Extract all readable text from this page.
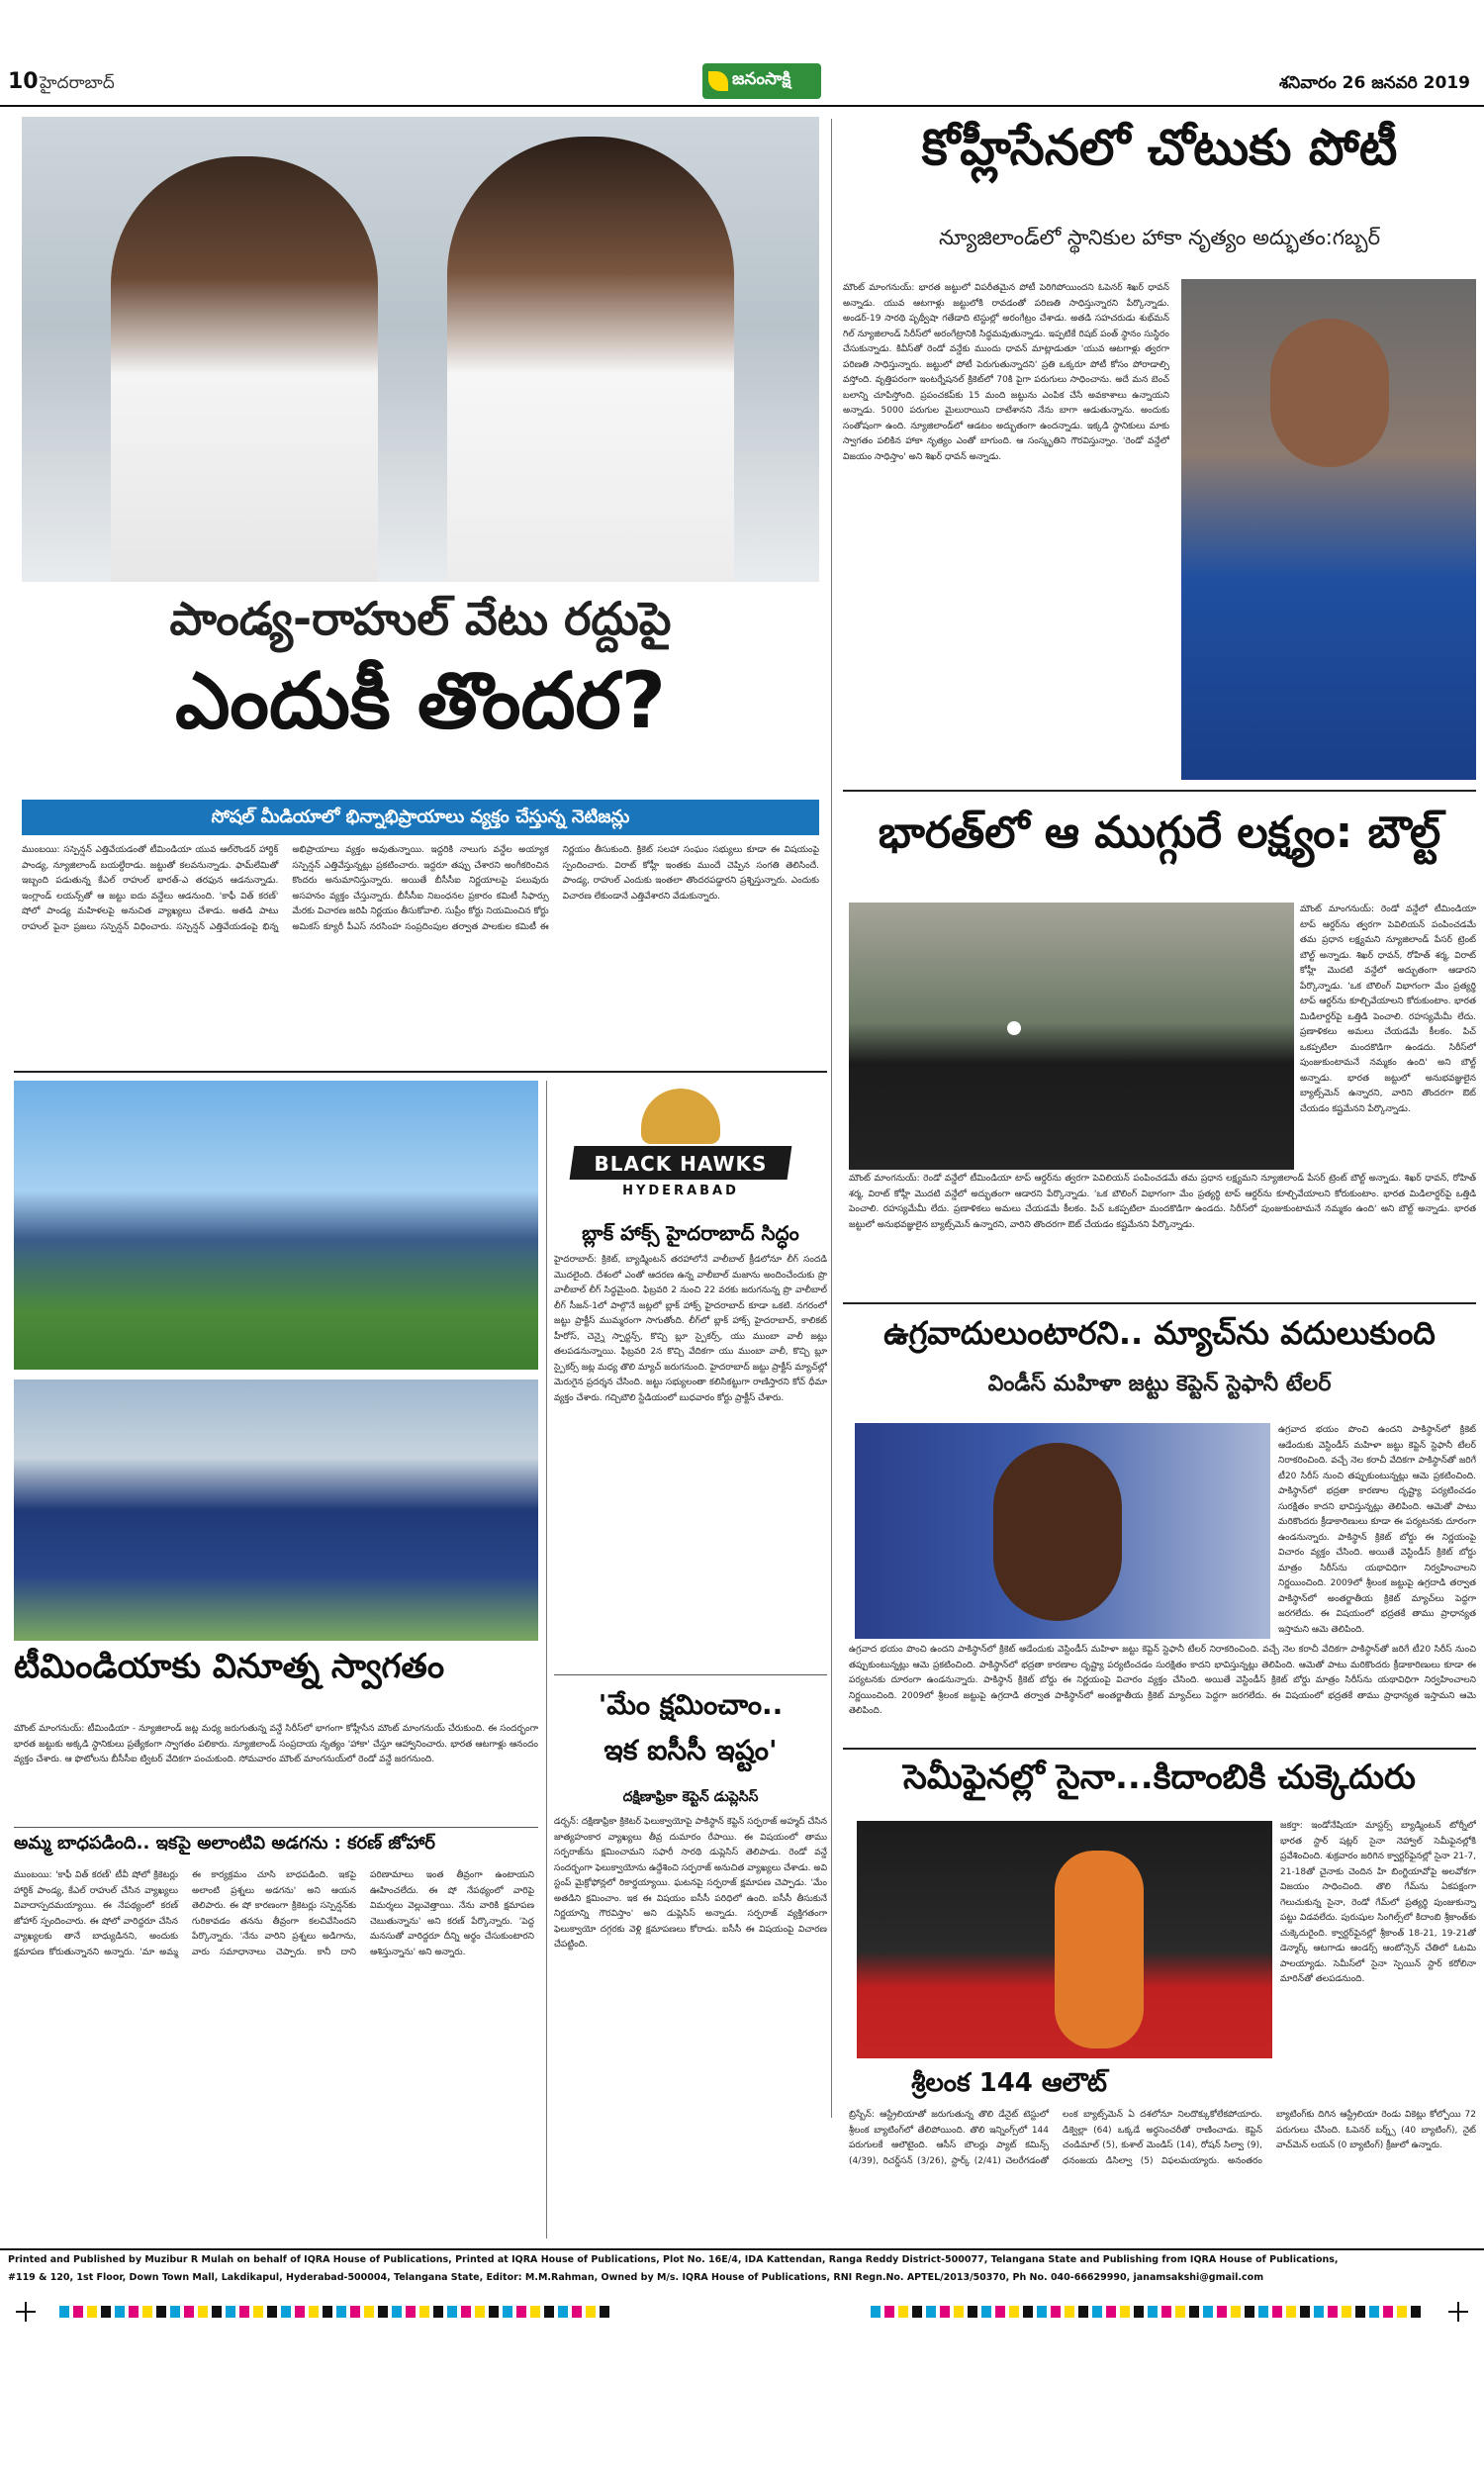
10 హైదరాబాద్	జనంసాక్షి	శనివారం 26 జనవరి 2019
పాండ్య-రాహుల్ వేటు రద్దుపై
ఎందుకీ తొందర?
సోషల్ మీడియాలో భిన్నాభిప్రాయాలు వ్యక్తం చేస్తున్న నెటిజన్లు
ముంబయి: సస్పెన్షన్ ఎత్తివేయడంతో టీమిండియా యువ ఆల్‌రౌండర్ హార్దిక్ పాండ్య, న్యూజిలాండ్ బయల్దేరాడు. జట్టుతో కలవనున్నాడు. ఫామ్‌లేమితో ఇబ్బంది పడుతున్న కేఎల్ రాహుల్ భారత్-ఎ తరఫున ఆడనున్నాడు. ఇంగ్లాండ్ లయన్స్‌తో ఆ జట్టు ఐదు వన్డేలు ఆడనుంది. 'కాఫీ విత్ కరణ్' షోలో పాండ్య మహిళలపై అనుచిత వ్యాఖ్యలు చేశాడు. అతడి పాటు రాహుల్ పైనా ప్రజలు సస్పెన్షన్ విధించారు. సస్పెన్షన్ ఎత్తివేయడంపై భిన్న అభిప్రాయాలు వ్యక్తం అవుతున్నాయి. ఇద్దరికి నాలుగు వన్డేల అయ్యాక సస్పెన్షన్ ఎత్తివేస్తున్నట్లు ప్రకటించారు. ఇద్దరూ తప్పు చేశారని అంగీకరించిన కొందరు అనుమానిస్తున్నారు. అయితే బీసీసీఐ నిర్ణయాలపై పలువురు అసహనం వ్యక్తం చేస్తున్నారు. బీసీసీఐ నిబంధనల ప్రకారం కమిటీ సిఫార్సు మేరకు విచారణ జరిపి నిర్ణయం తీసుకోవాలి. సుప్రీం కోర్టు నియమించిన కోర్టు అమికస్ క్యూరీ పీఎస్ నరసింహ సంప్రదింపుల తర్వాత పాలకుల కమిటీ ఈ నిర్ణయం తీసుకుంది. క్రికెట్ సలహా సంఘం సభ్యులు కూడా ఈ విషయంపై స్పందించారు. విరాట్ కోహ్లీ ఇంతకు ముందే చెప్పిన సంగతి తెలిసిందే. పాండ్య, రాహుల్ ఎందుకు ఇంతలా తొందరపడ్డారని ప్రశ్నిస్తున్నారు. ఎందుకు విచారణ లేకుండానే ఎత్తివేశారని వేడుకున్నారు.
కోహ్లీసేనలో చోటుకు పోటీ
న్యూజిలాండ్‌లో స్థానికుల హాకా నృత్యం అద్భుతం:గబ్బర్
మౌంట్ మాంగనుయ్: భారత జట్టులో విపరీతమైన పోటీ పెరిగిపోయిందని ఓపెనర్ శిఖర్ ధావన్ అన్నాడు. యువ ఆటగాళ్లు జట్టులోకి రావడంతో పరిణతి సాధిస్తున్నారని పేర్కొన్నాడు. అండర్-19 సారథి పృథ్వీషా గతేడాది టెస్టుల్లో అరంగేట్రం చేశాడు. అతడి సహచరుడు శుభ్‌మన్ గిల్ న్యూజిలాండ్ సిరీస్‌లో అరంగేట్రానికి సిద్ధమవుతున్నాడు. ఇప్పటికే రిషబ్ పంత్ స్థానం సుస్థిరం చేసుకున్నాడు. కివీస్‌తో రెండో వన్డేకు ముందు ధావన్ మాట్లాడుతూ 'యువ ఆటగాళ్లు త్వరగా పరిణతి సాధిస్తున్నారు. జట్టులో పోటీ పెరుగుతున్నాదని' ప్రతి ఒక్కరూ పోటీ కోసం పోరాడాల్సి వస్తోంది. వృత్తిపరంగా ఇంటర్నేషనల్ క్రికెట్‌లో 70కి పైగా పరుగులు సాధించాను. అదే మన బెంచ్ బలాన్ని చూపిస్తోంది. ప్రపంచకప్‌కు 15 మంది జట్టును ఎంపిక చేసే అవకాశాలు ఉన్నాయని అన్నాడు. 5000 పరుగుల మైలురాయిని దాటేశానని నేను బాగా ఆడుతున్నాను. అందుకు సంతోషంగా ఉంది. న్యూజిలాండ్‌లో ఆడటం అద్భుతంగా ఉందన్నాడు. ఇక్కడి స్థానికులు మాకు స్వాగతం పలికిన హాకా నృత్యం ఎంతో బాగుంది. ఆ సంస్కృతిని గౌరవిస్తున్నాం. 'రెండో వన్డేలో విజయం సాధిస్తాం' అని శిఖర్ ధావన్ అన్నాడు.
భారత్‌లో ఆ ముగ్గురే లక్ష్యం: బౌల్ట్
మౌంట్ మాంగనుయ్: రెండో వన్డేలో టీమిండియా టాప్ ఆర్డర్‌ను త్వరగా పెవిలియన్ పంపించడమే తమ ప్రధాన లక్ష్యమని న్యూజిలాండ్ పేసర్ ట్రెంట్ బౌల్ట్ అన్నాడు. శిఖర్ ధావన్, రోహిత్ శర్మ, విరాట్ కోహ్లీ మొదటి వన్డేలో అద్భుతంగా ఆడారని పేర్కొన్నాడు. 'ఒక బౌలింగ్ విభాగంగా మేం ప్రత్యర్థి టాప్ ఆర్డర్‌ను కూల్చివేయాలని కోరుకుంటాం. భారత మిడిలార్డర్‌పై ఒత్తిడి పెంచాలి. రహస్యమేమీ లేదు. ప్రణాళికలు అమలు చేయడమే కీలకం. పిచ్ ఒకప్పటిలా మందకొడిగా ఉండదు. సిరీస్‌లో పుంజుకుంటామనే నమ్మకం ఉంది' అని బౌల్ట్ అన్నాడు. భారత జట్టులో అనుభవజ్ఞులైన బ్యాట్స్‌మెన్ ఉన్నారని, వారిని తొందరగా ఔట్ చేయడం కష్టమేనని పేర్కొన్నాడు.
మౌంట్ మాంగనుయ్: రెండో వన్డేలో టీమిండియా టాప్ ఆర్డర్‌ను త్వరగా పెవిలియన్ పంపించడమే తమ ప్రధాన లక్ష్యమని న్యూజిలాండ్ పేసర్ ట్రెంట్ బౌల్ట్ అన్నాడు. శిఖర్ ధావన్, రోహిత్ శర్మ, విరాట్ కోహ్లీ మొదటి వన్డేలో అద్భుతంగా ఆడారని పేర్కొన్నాడు. 'ఒక బౌలింగ్ విభాగంగా మేం ప్రత్యర్థి టాప్ ఆర్డర్‌ను కూల్చివేయాలని కోరుకుంటాం. భారత మిడిలార్డర్‌పై ఒత్తిడి పెంచాలి. రహస్యమేమీ లేదు. ప్రణాళికలు అమలు చేయడమే కీలకం. పిచ్ ఒకప్పటిలా మందకొడిగా ఉండదు. సిరీస్‌లో పుంజుకుంటామనే నమ్మకం ఉంది' అని బౌల్ట్ అన్నాడు. భారత జట్టులో అనుభవజ్ఞులైన బ్యాట్స్‌మెన్ ఉన్నారని, వారిని తొందరగా ఔట్ చేయడం కష్టమేనని పేర్కొన్నాడు.
ఉగ్రవాదులుంటారని.. మ్యాచ్‌ను వదులుకుంది
విండీస్ మహిళా జట్టు కెప్టెన్ స్టెఫానీ టేలర్
ఉగ్రవాద భయం పొంచి ఉందని పాకిస్థాన్‌లో క్రికెట్ ఆడేందుకు వెస్టిండీస్ మహిళా జట్టు కెప్టెన్ స్టెఫానీ టేలర్ నిరాకరించింది. వచ్చే నెల కరాచీ వేదికగా పాకిస్థాన్‌తో జరిగే టీ20 సిరీస్ నుంచి తప్పుకుంటున్నట్లు ఆమె ప్రకటించింది. పాకిస్థాన్‌లో భద్రతా కారణాల దృష్ట్యా పర్యటించడం సురక్షితం కాదని భావిస్తున్నట్లు తెలిపింది. ఆమెతో పాటు మరికొందరు క్రీడాకారిణులు కూడా ఈ పర్యటనకు దూరంగా ఉండనున్నారు. పాకిస్థాన్ క్రికెట్ బోర్డు ఈ నిర్ణయంపై విచారం వ్యక్తం చేసింది. అయితే వెస్టిండీస్ క్రికెట్ బోర్డు మాత్రం సిరీస్‌ను యథావిధిగా నిర్వహించాలని నిర్ణయించింది. 2009లో శ్రీలంక జట్టుపై ఉగ్రదాడి తర్వాత పాకిస్థాన్‌లో అంతర్జాతీయ క్రికెట్ మ్యాచ్‌లు పెద్దగా జరగలేదు. ఈ విషయంలో భద్రతకే తాము ప్రాధాన్యత ఇస్తామని ఆమె తెలిపింది.
ఉగ్రవాద భయం పొంచి ఉందని పాకిస్థాన్‌లో క్రికెట్ ఆడేందుకు వెస్టిండీస్ మహిళా జట్టు కెప్టెన్ స్టెఫానీ టేలర్ నిరాకరించింది. వచ్చే నెల కరాచీ వేదికగా పాకిస్థాన్‌తో జరిగే టీ20 సిరీస్ నుంచి తప్పుకుంటున్నట్లు ఆమె ప్రకటించింది. పాకిస్థాన్‌లో భద్రతా కారణాల దృష్ట్యా పర్యటించడం సురక్షితం కాదని భావిస్తున్నట్లు తెలిపింది. ఆమెతో పాటు మరికొందరు క్రీడాకారిణులు కూడా ఈ పర్యటనకు దూరంగా ఉండనున్నారు. పాకిస్థాన్ క్రికెట్ బోర్డు ఈ నిర్ణయంపై విచారం వ్యక్తం చేసింది. అయితే వెస్టిండీస్ క్రికెట్ బోర్డు మాత్రం సిరీస్‌ను యథావిధిగా నిర్వహించాలని నిర్ణయించింది. 2009లో శ్రీలంక జట్టుపై ఉగ్రదాడి తర్వాత పాకిస్థాన్‌లో అంతర్జాతీయ క్రికెట్ మ్యాచ్‌లు పెద్దగా జరగలేదు. ఈ విషయంలో భద్రతకే తాము ప్రాధాన్యత ఇస్తామని ఆమె తెలిపింది.
సెమీఫైనల్లో సైనా...కిదాంబికి చుక్కెదురు
జకర్తా: ఇండోనేషియా మాస్టర్స్ బ్యాడ్మింటన్ టోర్నీలో భారత స్టార్ షట్లర్ సైనా నెహ్వాల్ సెమీఫైనల్లోకి ప్రవేశించింది. శుక్రవారం జరిగిన క్వార్టర్‌ఫైనల్లో సైనా 21-7, 21-18తో చైనాకు చెందిన హి బింగ్జియావోపై అలవోకగా విజయం సాధించింది. తొలి గేమ్‌ను ఏకపక్షంగా గెలుచుకున్న సైనా, రెండో గేమ్‌లో ప్రత్యర్థి పుంజుకున్నా పట్టు విడవలేదు. పురుషుల సింగిల్స్‌లో కిదాంబి శ్రీకాంత్‌కు చుక్కెదురైంది. క్వార్టర్‌ఫైనల్లో శ్రీకాంత్ 18-21, 19-21తో డెన్మార్క్ ఆటగాడు ఆండర్స్ ఆంటోన్సెన్ చేతిలో ఓటమి పాలయ్యాడు. సెమీస్‌లో సైనా స్పెయిన్ స్టార్ కరోలినా మారిన్‌తో తలపడనుంది.
శ్రీలంక 144 ఆలౌట్
బ్రిస్బేన్: ఆస్ట్రేలియాతో జరుగుతున్న తొలి డేనైట్ టెస్టులో శ్రీలంక బ్యాటింగ్‌లో తేలిపోయింది. తొలి ఇన్నింగ్స్‌లో 144 పరుగులకే ఆలౌటైంది. ఆసీస్ బౌలర్లు ప్యాట్ కమిన్స్ (4/39), రిచర్డ్‌సన్ (3/26), స్టార్క్ (2/41) చెలరేగడంతో లంక బ్యాట్స్‌మెన్ ఏ దశలోనూ నిలదొక్కుకోలేకపోయారు. డిక్వెల్లా (64) ఒక్కడే అర్ధసెంచరీతో రాణించాడు. కెప్టెన్ చండిమాల్ (5), కుశాల్ మెండిస్ (14), రోషన్ సిల్వా (9), ధనంజయ డిసిల్వా (5) విఫలమయ్యారు. అనంతరం బ్యాటింగ్‌కు దిగిన ఆస్ట్రేలియా రెండు వికెట్లు కోల్పోయి 72 పరుగులు చేసింది. ఓపెనర్ బర్న్స్ (40 బ్యాటింగ్), నైట్ వాచ్‌మెన్ లయన్ (0 బ్యాటింగ్) క్రీజులో ఉన్నారు.
టీమిండియాకు వినూత్న స్వాగతం
మౌంట్ మాంగనుయ్: టీమిండియా - న్యూజిలాండ్ జట్ల మధ్య జరుగుతున్న వన్డే సిరీస్‌లో భాగంగా కోహ్లీసేన మౌంట్ మాంగనుయ్ చేరుకుంది. ఈ సందర్భంగా భారత జట్టుకు అక్కడి స్థానికులు ప్రత్యేకంగా స్వాగతం పలికారు. న్యూజిలాండ్ సంప్రదాయ నృత్యం 'హాకా' చేస్తూ ఆహ్వానించారు. భారత ఆటగాళ్లు ఆనందం వ్యక్తం చేశారు. ఆ ఫొటోలను బీసీసీఐ ట్విటర్ వేదికగా పంచుకుంది. సోమవారం మౌంట్ మాంగనుయ్‌లో రెండో వన్డే జరగనుంది.
అమ్మ బాధపడింది.. ఇకపై అలాంటివి అడగను : కరణ్ జోహార్
ముంబయి: 'కాఫీ విత్ కరణ్' టీవీ షోలో క్రికెటర్లు హార్దిక్ పాండ్య, కేఎల్ రాహుల్ చేసిన వ్యాఖ్యలు వివాదాస్పదమయ్యాయి. ఈ నేపథ్యంలో కరణ్ జోహార్ స్పందించారు. ఈ షోలో వారిద్దరూ చేసిన వ్యాఖ్యలకు తానే బాధ్యుడినని, అందుకు క్షమాపణ కోరుతున్నానని అన్నారు. 'మా అమ్మ ఈ కార్యక్రమం చూసి బాధపడింది. ఇకపై అలాంటి ప్రశ్నలు అడగను' అని ఆయన తెలిపారు. ఈ షో కారణంగా క్రికెటర్లు సస్పెన్షన్‌కు గురికావడం తనను తీవ్రంగా కలచివేసిందని పేర్కొన్నారు. 'నేను వారిని ప్రశ్నలు అడిగాను, వారు సమాధానాలు చెప్పారు. కానీ దాని పరిణామాలు ఇంత తీవ్రంగా ఉంటాయని ఊహించలేదు. ఈ షో నేపథ్యంలో వారిపై విమర్శలు వెల్లువెత్తాయి. నేను వారికి క్షమాపణ చెబుతున్నాను' అని కరణ్ పేర్కొన్నారు. 'పెద్ద మనసుతో వారిద్దరూ దీన్ని అర్థం చేసుకుంటారని ఆశిస్తున్నాను' అని అన్నారు.
BLACK HAWKS
HYDERABAD
బ్లాక్ హాక్స్ హైదరాబాద్ సిద్ధం
హైదరాబాద్: క్రికెట్, బ్యాడ్మింటన్ తరహాలోనే వాలీబాల్ క్రీడలోనూ లీగ్ సందడి మొదలైంది. దేశంలో ఎంతో ఆదరణ ఉన్న వాలీబాల్ మజాను అందించేందుకు ప్రొ వాలీబాల్ లీగ్ సిద్ధమైంది. ఫిబ్రవరి 2 నుంచి 22 వరకు జరుగనున్న ప్రొ వాలీబాల్ లీగ్ సీజన్-1లో పాల్గొనే జట్లలో బ్లాక్ హాక్స్ హైదరాబాద్ కూడా ఒకటి. నగరంలో జట్టు ప్రాక్టీస్ ముమ్మరంగా సాగుతోంది. లీగ్‌లో బ్లాక్ హాక్స్ హైదరాబాద్, కాలికట్ హీరోస్, చెన్నై స్పార్టన్స్, కొచ్చి బ్లూ స్పైకర్స్, యు ముంబా వాలీ జట్లు తలపడనున్నాయి. ఫిబ్రవరి 2న కొచ్చి వేదికగా యు ముంబా వాలీ, కొచ్చి బ్లూ స్పైకర్స్ జట్ల మధ్య తొలి మ్యాచ్ జరుగనుంది. హైదరాబాద్ జట్టు ప్రాక్టీస్ మ్యాచ్‌ల్లో మెరుగైన ప్రదర్శన చేసింది. జట్టు సభ్యులంతా కలిసికట్టుగా రాణిస్తారని కోచ్ ధీమా వ్యక్తం చేశారు. గచ్చిబౌలి స్టేడియంలో బుధవారం కోర్టు ప్రాక్టీస్ చేశారు.
'మేం క్షమించాం..
ఇక ఐసీసీ ఇష్టం'
దక్షిణాఫ్రికా కెప్టెన్ డుప్లెసిస్
డర్బన్: దక్షిణాఫ్రికా క్రికెటర్ ఫెలుక్వాయోపై పాకిస్థాన్ కెప్టెన్ సర్ఫరాజ్ అహ్మద్ చేసిన జాత్యహంకార వ్యాఖ్యలు తీవ్ర దుమారం రేపాయి. ఈ విషయంలో తాము సర్ఫరాజ్‌ను క్షమించామని సఫారీ సారథి డుప్లెసిస్ తెలిపాడు. రెండో వన్డే సందర్భంగా ఫెలుక్వాయోను ఉద్దేశించి సర్ఫరాజ్ అనుచిత వ్యాఖ్యలు చేశాడు. అవి స్టంప్ మైక్రోఫోన్లలో రికార్డయ్యాయి. ఘటనపై సర్ఫరాజ్ క్షమాపణ చెప్పాడు. 'మేం అతడిని క్షమించాం. ఇక ఈ విషయం ఐసీసీ పరిధిలో ఉంది. ఐసీసీ తీసుకునే నిర్ణయాన్ని గౌరవిస్తాం' అని డుప్లెసిస్ అన్నాడు. సర్ఫరాజ్ వ్యక్తిగతంగా ఫెలుక్వాయో దగ్గరకు వెళ్లి క్షమాపణలు కోరాడు. ఐసీసీ ఈ విషయంపై విచారణ చేపట్టింది.
Printed and Published by Muzibur R Mulah on behalf of IQRA House of Publications, Printed at IQRA House of Publications, Plot No. 16E/4, IDA Kattendan, Ranga Reddy District-500077, Telangana State and Publishing from IQRA House of Publications,
#119 & 120, 1st Floor, Down Town Mall, Lakdikapul, Hyderabad-500004, Telangana State, Editor: M.M.Rahman, Owned by M/s. IQRA House of Publications, RNI Regn.No. APTEL/2013/50370, Ph No. 040-66629990, janamsakshi@gmail.com
